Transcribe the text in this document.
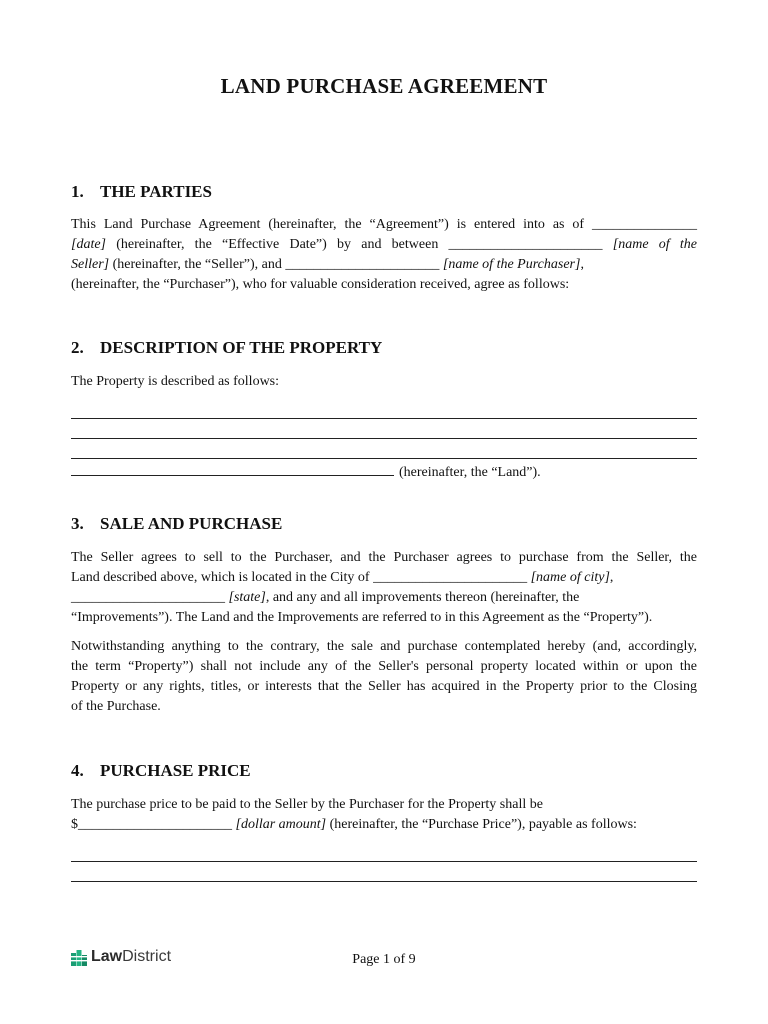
LAND PURCHASE AGREEMENT
1. THE PARTIES
This Land Purchase Agreement (hereinafter, the “Agreement”) is entered into as of _______________
[date] (hereinafter, the “Effective Date”) by and between ______________________ [name of the
Seller] (hereinafter, the “Seller”), and ______________________ [name of the Purchaser],
(hereinafter, the “Purchaser”), who for valuable consideration received, agree as follows:
2. DESCRIPTION OF THE PROPERTY
The Property is described as follows:
(hereinafter, the “Land”).
3. SALE AND PURCHASE
The Seller agrees to sell to the Purchaser, and the Purchaser agrees to purchase from the Seller, the
Land described above, which is located in the City of ______________________ [name of city],
______________________ [state], and any and all improvements thereon (hereinafter, the
“Improvements”). The Land and the Improvements are referred to in this Agreement as the “Property”).
Notwithstanding anything to the contrary, the sale and purchase contemplated hereby (and, accordingly,
the term “Property”) shall not include any of the Seller's personal property located within or upon the
Property or any rights, titles, or interests that the Seller has acquired in the Property prior to the Closing
of the Purchase.
4. PURCHASE PRICE
The purchase price to be paid to the Seller by the Purchaser for the Property shall be
$______________________ [dollar amount] (hereinafter, the “Purchase Price”), payable as follows:
LawDistrict	Page 1 of 9
